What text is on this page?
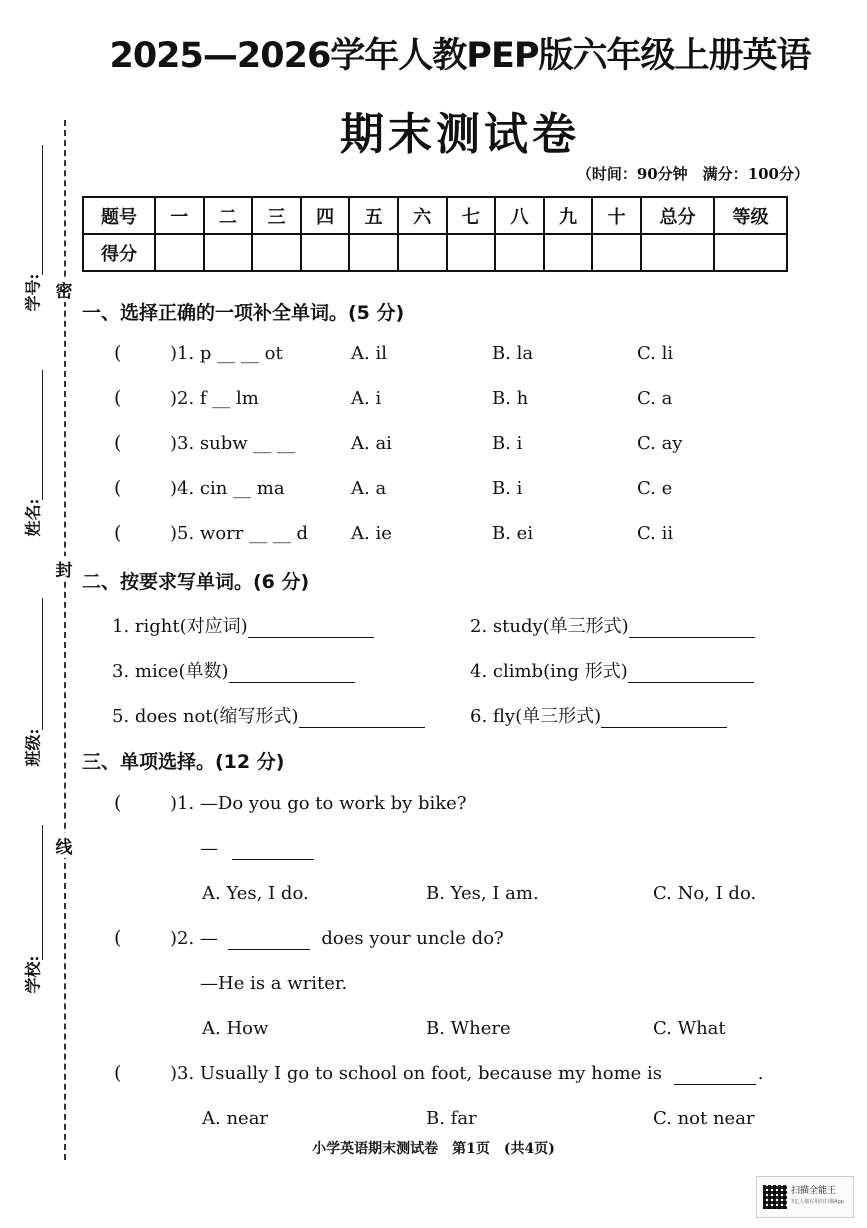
2025—2026学年人教PEP版六年级上册英语
期末测试卷
（时间：90分钟　满分：100分）
密
封
线
学号:
姓名:
班级:
学校:
题号	一	二	三	四	五	六	七	八	九	十	总分	等级
得分												
一、选择正确的一项补全单词。(5 分)
(	)1. p __ __ ot	A. il	B. la	C. li
(	)2. f __ lm	A. i	B. h	C. a
(	)3. subw __ __	A. ai	B. i	C. ay
(	)4. cin __ ma	A. a	B. i	C. e
(	)5. worr __ __ d A. ie	B. ei	C. ii
二、按要求写单词。(6 分)
1. right(对应词)	2. study(单三形式)
3. mice(单数)	4. climb(ing 形式)
5. does not(缩写形式)	6. fly(单三形式)
三、单项选择。(12 分)
(	)1. —Do you go to work by bike?
—
A. Yes, I do.	B. Yes, I am.	C. No, I do.
(	)2. —	does your uncle do?
—He is a writer.
A. How	B. Where	C. What
(	)3. Usually I go to school on foot, because my home is	.
A. near	B. far	C. not near
小学英语期末测试卷　第1页　(共4页)
扫描全能王
3亿人都在用的扫描App
